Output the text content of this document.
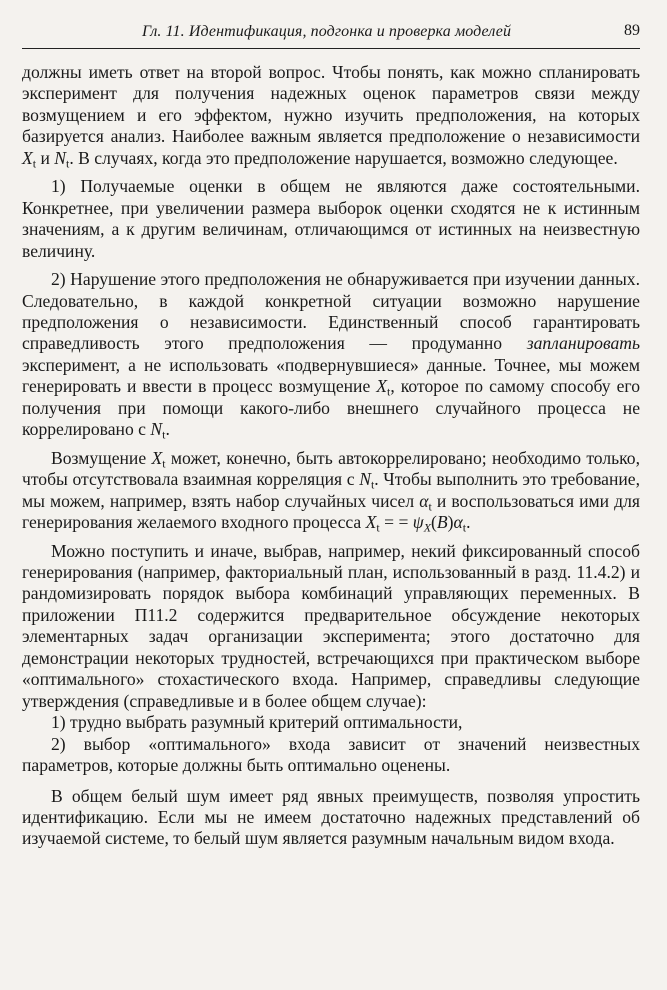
Гл. 11. Идентификация, подгонка и проверка моделей	89

должны иметь ответ на второй вопрос. Чтобы понять, как можно спланировать эксперимент для получения надежных оценок параметров связи между возмущением и его эффектом, нужно изучить предположения, на которых базируется анализ. Наиболее важным является предположение о независимости $X_t$ и $N_t$. В случаях, когда это предположение нарушается, возможно следующее.

1) Получаемые оценки в общем не являются даже состоятельными. Конкретнее, при увеличении размера выборок оценки сходятся не к истинным значениям, а к другим величинам, отличающимся от истинных на неизвестную величину.

2) Нарушение этого предположения не обнаруживается при изучении данных. Следовательно, в каждой конкретной ситуации возможно нарушение предположения о независимости. Единственный способ гарантировать справедливость этого предположения — продуманно запланировать эксперимент, а не использовать «подвернувшиеся» данные. Точнее, мы можем генерировать и ввести в процесс возмущение $X_t$, которое по самому способу его получения при помощи какого-либо внешнего случайного процесса не коррелировано с $N_t$.

Возмущение $X_t$ может, конечно, быть автокоррелировано; необходимо только, чтобы отсутствовала взаимная корреляция с $N_t$. Чтобы выполнить это требование, мы можем, например, взять набор случайных чисел $\alpha_t$ и воспользоваться ими для генерирования желаемого входного процесса $X_t$ = = $\psi_X(B)\alpha_t$.

Можно поступить и иначе, выбрав, например, некий фиксированный способ генерирования (например, факториальный план, использованный в разд. 11.4.2) и рандомизировать порядок выбора комбинаций управляющих переменных. В приложении П11.2 содержится предварительное обсуждение некоторых элементарных задач организации эксперимента; этого достаточно для демонстрации некоторых трудностей, встречающихся при практическом выборе «оптимального» стохастического входа. Например, справедливы следующие утверждения (справедливые и в более общем случае):

1) трудно выбрать разумный критерий оптимальности,

2) выбор «оптимального» входа зависит от значений неизвестных параметров, которые должны быть оптимально оценены.

В общем белый шум имеет ряд явных преимуществ, позволяя упростить идентификацию. Если мы не имеем достаточно надежных представлений об изучаемой системе, то белый шум является разумным начальным видом входа.
